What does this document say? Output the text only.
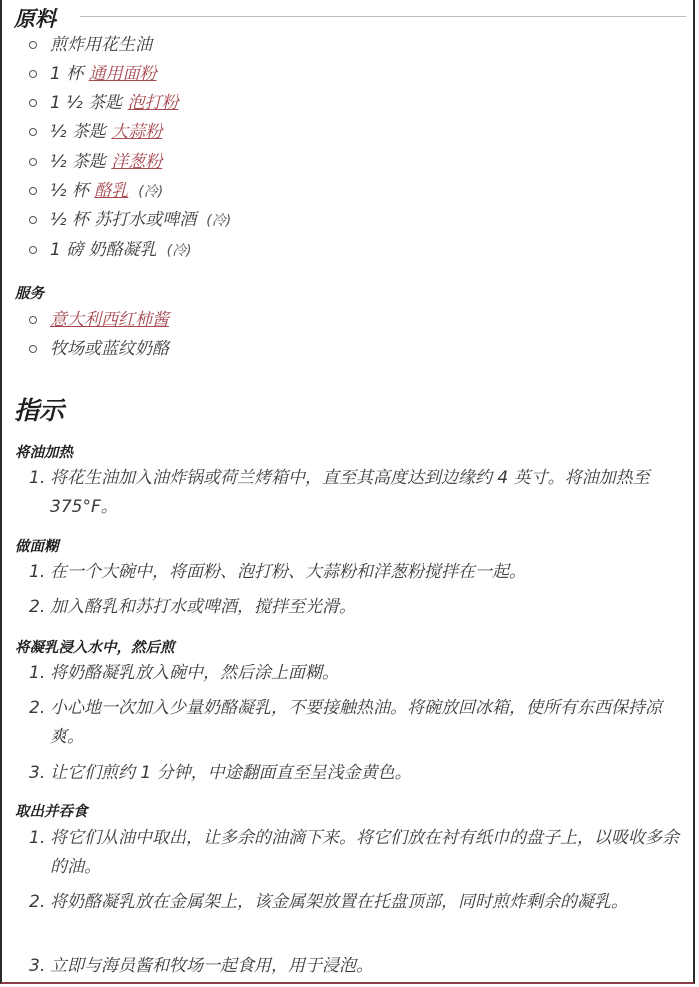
原料
煎炸用花生油
1 杯 通用面粉
1 ½ 茶匙 泡打粉
½ 茶匙 大蒜粉
½ 茶匙 洋葱粉
½ 杯 酪乳 (冷)
½ 杯 苏打水或啤酒 (冷)
1 磅 奶酪凝乳 (冷)
服务
意大利西红柿酱
牧场或蓝纹奶酪
指示
将油加热
1. 将花生油加入油炸锅或荷兰烤箱中，直至其高度达到边缘约 4 英寸。将油加热至 375°F。
做面糊
1. 在一个大碗中，将面粉、泡打粉、大蒜粉和洋葱粉搅拌在一起。
2. 加入酪乳和苏打水或啤酒，搅拌至光滑。
将凝乳浸入水中，然后煎
1. 将奶酪凝乳放入碗中，然后涂上面糊。
2. 小心地一次加入少量奶酪凝乳，不要接触热油。将碗放回冰箱，使所有东西保持凉爽。
3. 让它们煎约 1 分钟，中途翻面直至呈浅金黄色。
取出并吞食
1. 将它们从油中取出，让多余的油滴下来。将它们放在衬有纸巾的盘子上，以吸收多余的油。
2. 将奶酪凝乳放在金属架上，该金属架放置在托盘顶部，同时煎炸剩余的凝乳。
3. 立即与海员酱和牧场一起食用，用于浸泡。
